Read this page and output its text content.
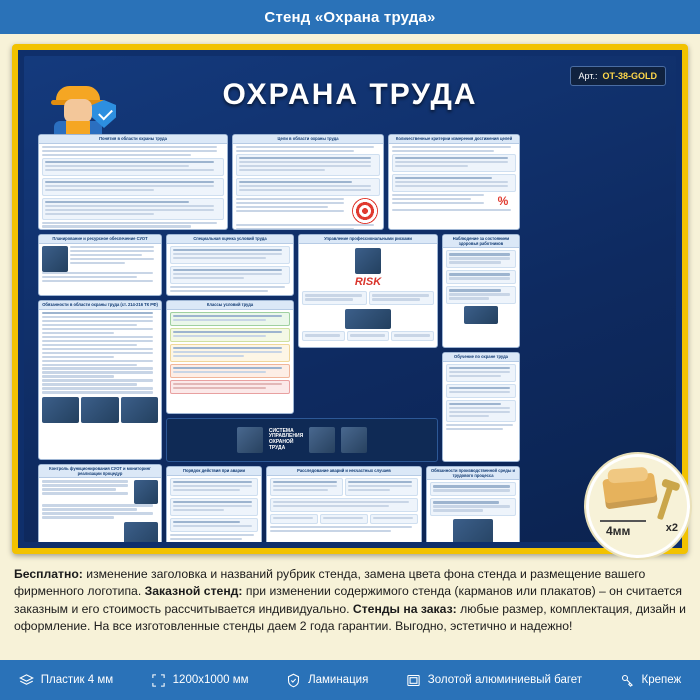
Стенд «Охрана труда»
ОХРАНА ТРУДА
Арт.: ОТ-38-GOLD
Понятия в области охраны труда	Цели в области охраны труда	Количественные критерии измерения достижения целей
%
Планирование и ресурсное обеспечение СУОТ	Специальная оценка условий труда	Управление профессиональными рисками
RISK
Наблюдение за состоянием здоровья работников
Обязанности в области охраны труда (ст. 214-216 ТК РФ)	Классы условий труда
СИСТЕМА
УПРАВЛЕНИЯ
ОХРАНОЙ
ТРУДА
Обучение по охране труда
Контроль функционирования СУОТ и мониторинг реализации процедур
Порядок действия при аварии	Расследование аварий и несчастных случаев	Обязанности производственной среды и трудового процесса
4мм	x2
Бесплатно: изменение заголовка и названий рубрик стенда, замена цвета фона стенда и размещение вашего фирменного логотипа. Заказной стенд: при изменении содержимого стенда (карманов или плакатов) – он считается заказным и его стоимость рассчитывается индивидуально. Стенды на заказ: любые размер, комплектация, дизайн и оформление. На все изготовленные стенды даем 2 года гарантии. Выгодно, эстетично и надежно!
Пластик 4 мм	1200х1000 мм	Ламинация	Золотой алюминиевый багет	Крепеж
